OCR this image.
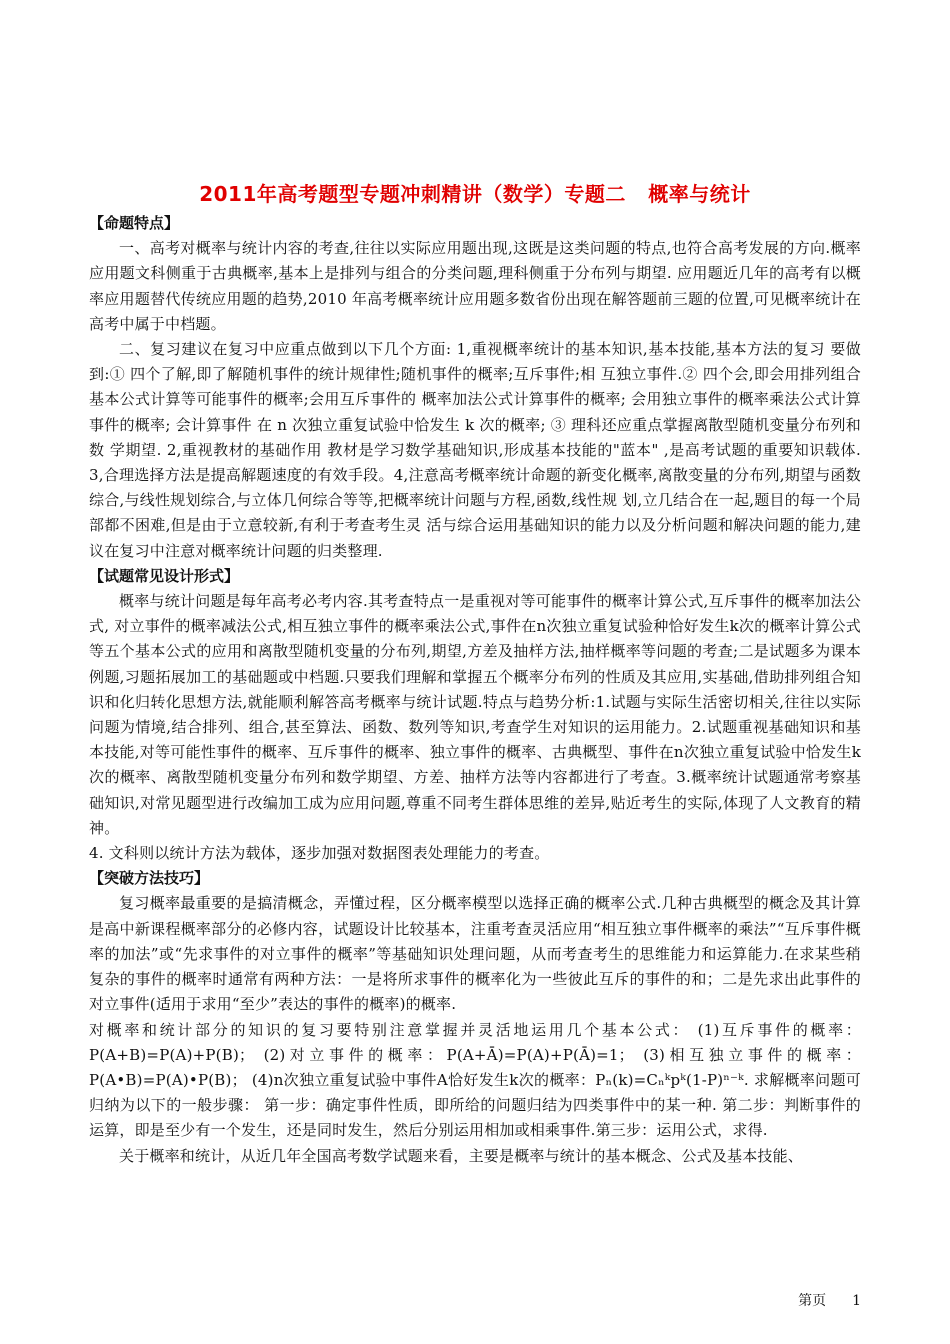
2011年高考题型专题冲刺精讲（数学）专题二   概率与统计
【命题特点】

一、高考对概率与统计内容的考查,往往以实际应用题出现,这既是这类问题的特点,也符合高考发展的方向.概率应用题文科侧重于古典概率,基本上是排列与组合的分类问题,理科侧重于分布列与期望. 应用题近几年的高考有以概率应用题替代传统应用题的趋势,2010 年高考概率统计应用题多数省份出现在解答题前三题的位置,可见概率统计在高考中属于中档题。

二、复习建议在复习中应重点做到以下几个方面: 1,重视概率统计的基本知识,基本技能,基本方法的复习 要做到:① 四个了解,即了解随机事件的统计规律性;随机事件的概率;互斥事件;相 互独立事件.② 四个会,即会用排列组合基本公式计算等可能事件的概率;会用互斥事件的 概率加法公式计算事件的概率; 会用独立事件的概率乘法公式计算事件的概率; 会计算事件 在 n 次独立重复试验中恰发生 k 次的概率; ③ 理科还应重点掌握离散型随机变量分布列和数 学期望. 2,重视教材的基础作用 教材是学习数学基础知识,形成基本技能的"蓝本" ,是高考试题的重要知识载体. 3,合理选择方法是提高解题速度的有效手段。4,注意高考概率统计命题的新变化概率,离散变量的分布列,期望与函数综合,与线性规划综合,与立体几何综合等等,把概率统计问题与方程,函数,线性规 划,立几结合在一起,题目的每一个局部都不困难,但是由于立意较新,有利于考查考生灵 活与综合运用基础知识的能力以及分析问题和解决问题的能力,建议在复习中注意对概率统计问题的归类整理.

【试题常见设计形式】

概率与统计问题是每年高考必考内容.其考查特点一是重视对等可能事件的概率计算公式,互斥事件的概率加法公式, 对立事件的概率减法公式,相互独立事件的概率乘法公式,事件在n次独立重复试验种恰好发生k次的概率计算公式等五个基本公式的应用和离散型随机变量的分布列,期望,方差及抽样方法,抽样概率等问题的考查;二是试题多为课本例题,习题拓展加工的基础题或中档题.只要我们理解和掌握五个概率分布列的性质及其应用,实基础,借助排列组合知识和化归转化思想方法,就能顺利解答高考概率与统计试题.特点与趋势分析:1.试题与实际生活密切相关,往往以实际问题为情境,结合排列、组合,甚至算法、函数、数列等知识,考查学生对知识的运用能力。2.试题重视基础知识和基本技能,对等可能性事件的概率、互斥事件的概率、独立事件的概率、古典概型、事件在n次独立重复试验中恰发生k次的概率、离散型随机变量分布列和数学期望、方差、抽样方法等内容都进行了考查。3.概率统计试题通常考察基础知识,对常见题型进行改编加工成为应用问题,尊重不同考生群体思维的差异,贴近考生的实际,体现了人文教育的精神。

4. 文科则以统计方法为载体，逐步加强对数据图表处理能力的考查。

【突破方法技巧】

复习概率最重要的是搞清概念，弄懂过程，区分概率模型以选择正确的概率公式.几种古典概型的概念及其计算是高中新课程概率部分的必修内容，试题设计比较基本，注重考查灵活应用“相互独立事件概率的乘法”“互斥事件概率的加法”或“先求事件的对立事件的概率”等基础知识处理问题，从而考查考生的思维能力和运算能力.在求某些稍复杂的事件的概率时通常有两种方法：一是将所求事件的概率化为一些彼此互斥的事件的和；二是先求出此事件的对立事件(适用于求用“至少”表达的事件的概率)的概率.

对概率和统计部分的知识的复习要特别注意掌握并灵活地运用几个基本公式： (1)互斥事件的概率：P(A+B)=P(A)+P(B)； (2)对立事件的概率：P(A+Ā)=P(A)+P(Ā)=1； (3)相互独立事件的概率：P(A•B)=P(A)•P(B)； (4)n次独立重复试验中事件A恰好发生k次的概率：Pₙ(k)=Cₙᵏpᵏ(1-P)ⁿ⁻ᵏ. 求解概率问题可归纳为以下的一般步骤： 第一步：确定事件性质，即所给的问题归结为四类事件中的某一种. 第二步：判断事件的运算，即是至少有一个发生，还是同时发生，然后分别运用相加或相乘事件.第三步：运用公式，求得.

关于概率和统计，从近几年全国高考数学试题来看，主要是概率与统计的基本概念、公式及基本技能、

第页 1
